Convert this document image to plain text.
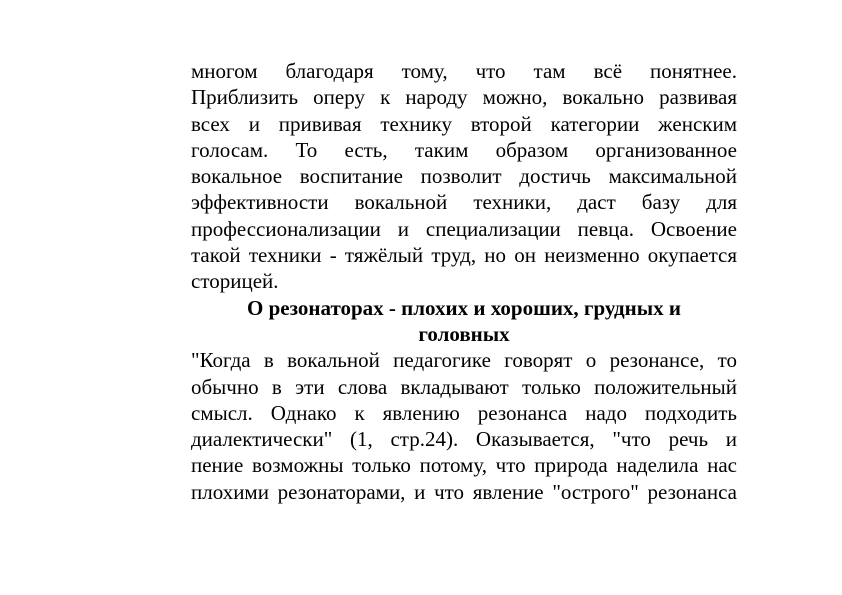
многом благодаря тому, что там всё понятнее.
Приблизить оперу к народу можно, вокально развивая
всех и прививая технику второй категории женским
голосам. То есть, таким образом организованное
вокальное воспитание позволит достичь максимальной
эффективности вокальной техники, даст базу для
профессионализации и специализации певца. Освоение
такой техники - тяжёлый труд, но он неизменно окупается
сторицей.
О резонаторах - плохих и хороших, грудных и
головных
"Когда в вокальной педагогике говорят о резонансе, то
обычно в эти слова вкладывают только положительный
смысл. Однако к явлению резонанса надо подходить
диалектически" (1, стр.24). Оказывается, "что речь и
пение возможны только потому, что природа наделила нас
плохими резонаторами, и что явление "острого" резонанса
